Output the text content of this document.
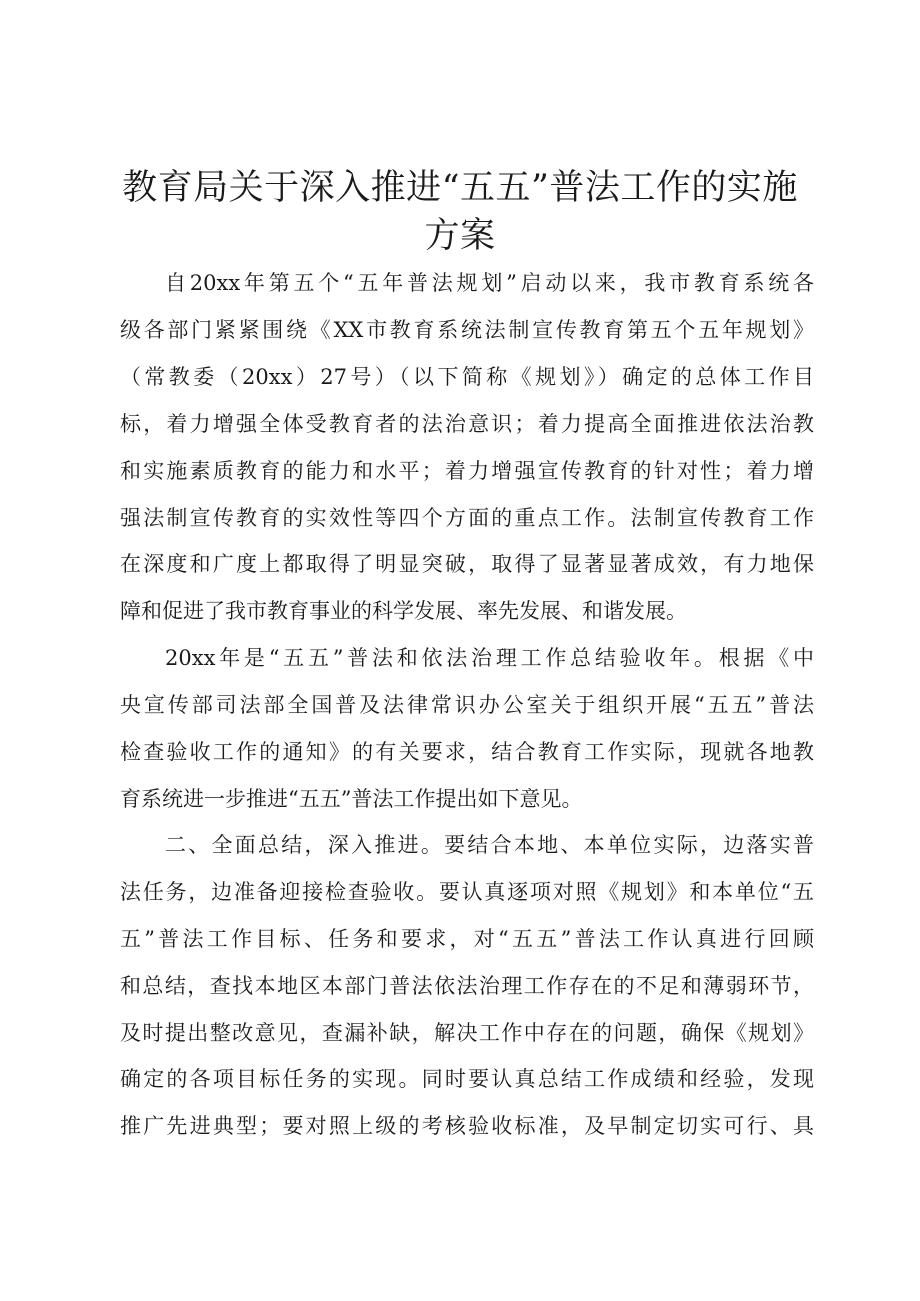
教育局关于深入推进“五五”普法工作的实施
方案
自20xx年第五个“五年普法规划”启动以来，我市教育系统各
级各部门紧紧围绕《XX市教育系统法制宣传教育第五个五年规划》
（常教委（20xx）27号）（以下简称《规划》）确定的总体工作目
标，着力增强全体受教育者的法治意识；着力提高全面推进依法治教
和实施素质教育的能力和水平；着力增强宣传教育的针对性；着力增
强法制宣传教育的实效性等四个方面的重点工作。法制宣传教育工作
在深度和广度上都取得了明显突破，取得了显著显著成效，有力地保
障和促进了我市教育事业的科学发展、率先发展、和谐发展。
20xx年是“五五”普法和依法治理工作总结验收年。根据《中
央宣传部司法部全国普及法律常识办公室关于组织开展“五五”普法
检查验收工作的通知》的有关要求，结合教育工作实际，现就各地教
育系统进一步推进“五五”普法工作提出如下意见。
二、全面总结，深入推进。要结合本地、本单位实际，边落实普
法任务，边准备迎接检查验收。要认真逐项对照《规划》和本单位“五
五”普法工作目标、任务和要求，对“五五”普法工作认真进行回顾
和总结，查找本地区本部门普法依法治理工作存在的不足和薄弱环节，
及时提出整改意见，查漏补缺，解决工作中存在的问题，确保《规划》
确定的各项目标任务的实现。同时要认真总结工作成绩和经验，发现
推广先进典型；要对照上级的考核验收标准，及早制定切实可行、具
